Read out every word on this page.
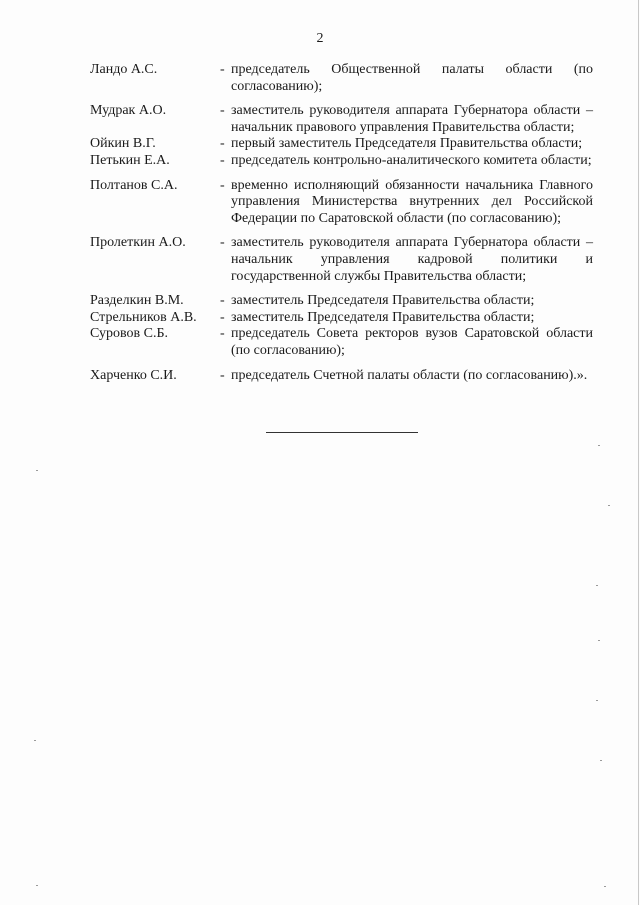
2
Ландо А.С.	- председатель Общественной палаты области (по согласованию);
Мудрак А.О.	- заместитель руководителя аппарата Губернатора области – начальник правового управления Правительства области;
Ойкин В.Г.	- первый заместитель Председателя Правительства области;
Петькин Е.А.	- председатель контрольно-аналитического комитета области;
Полтанов С.А.	- временно исполняющий обязанности начальника Главного управления Министерства внутренних дел Российской Федерации по Саратовской области (по согласованию);
Пролеткин А.О.	- заместитель руководителя аппарата Губернатора области – начальник управления кадровой политики и государственной службы Правительства области;
Разделкин В.М.	- заместитель Председателя Правительства области;
Стрельников А.В.	- заместитель Председателя Правительства области;
Суровов С.Б.	- председатель Совета ректоров вузов Саратовской области (по согласованию);
Харченко С.И.	- председатель Счетной палаты области (по согласованию).».
